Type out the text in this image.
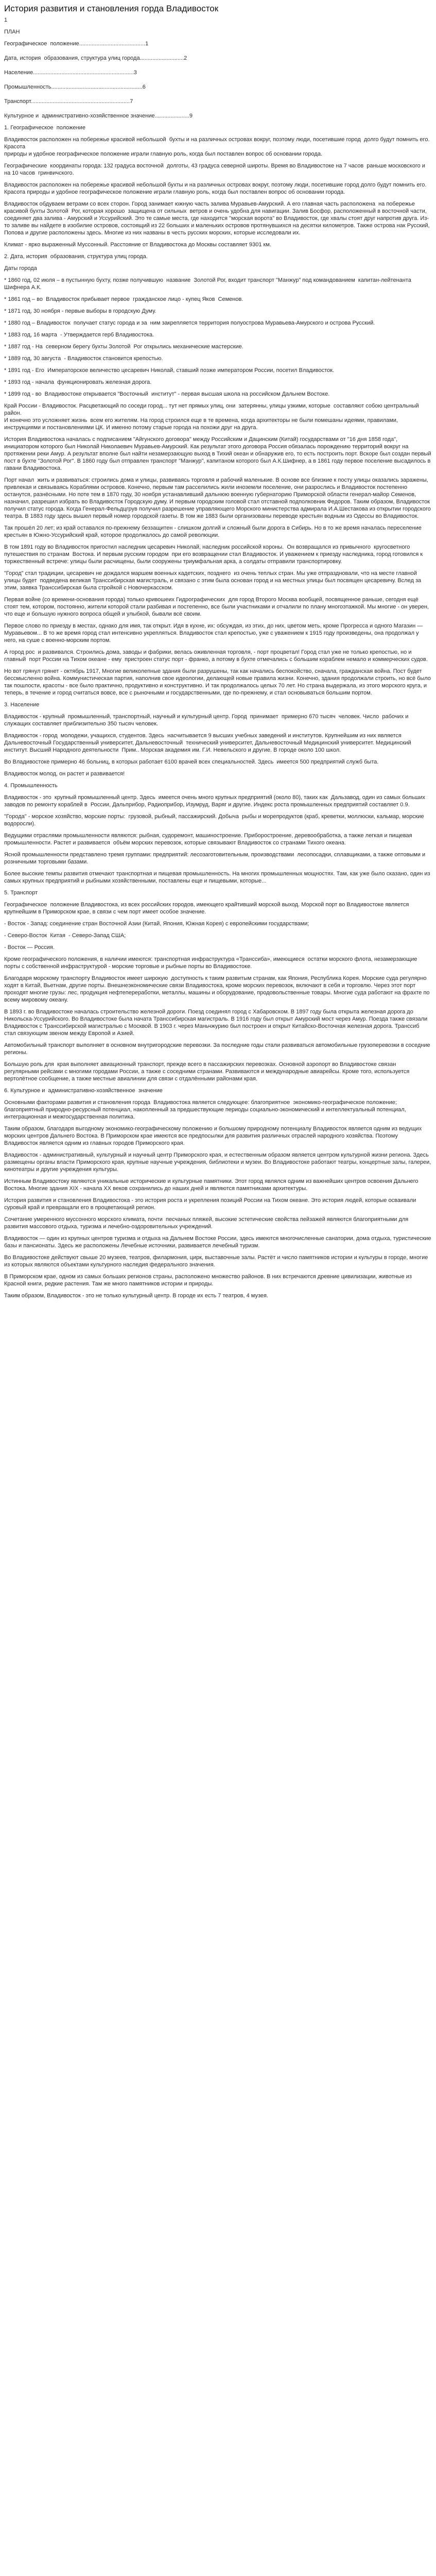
История развития и становления горда Владивосток
1
ПЛАН
Географическое  положение..........................................1

Дата, история  образования, структура улиц города............................2

Население................................................................3

Промышленность..........................................................6

Транспорт...............................................................7

Культурное и  административно-хозяйственное значение......................9
1. Географическое  положение
Владивосток расположен на побережье красивой небольшой  бухты и на различных островах вокруг, поэтому люди, посетившие город  долго будут помнить его. Красота
природы и удобное географическое положение играли главную роль, когда был поставлен вопрос об основании города.
Географические  координаты города: 132 градуса восточной  долготы, 43 градуса северной широты. Время во Владивостоке на 7 часов  раньше московского и на 10 часов  гринвичского.
Владивосток расположен на побережье красивой небольшой бухты и на различных островах вокруг, поэтому люди, посетившие город долго будут помнить его. Красота природы и удобное географическое положение играли главную роль, когда был поставлен вопрос об основании города.
Владивосток обдуваем ветрами со всех сторон. Город занимает южную часть залива Муравьев-Амурский. А его главная часть расположена  на побережье красивой бухты Золотой  Рог, которая хорошо  защищена от сильных  ветров и очень удобна для навигации. Залив Босфор, расположенный в восточной части, соединяет два залива - Амурский и Уссурийский. Это те самые места, где находится "морская ворота" во Владивосток, где хвалы стоят друг напротив друга. Из-то заливе вы найдете в изобилие островов, состоящий из 22 больших и маленьких островов протянувшихся на десятки километров. Также острова нак Русский, Попова и другие расположены здесь. Многие из них названы в честь русских морских, которые исследовали их.
Климат - ярко выраженный Муссонный. Расстояние от Владивостока до Москвы составляет 9301 км.
2. Дата, история  образования, структура улиц города.
Даты города
* 1860 год, 02 июля – в пустынную бухту, позже получившую  название  Золотой Рог, входит транспорт "Манжур" под командованием  капитан-лейтенанта Шифнера А.К.
* 1861 год – во  Владивосток прибывает первое  гражданское лицо - купец Яков  Семенов.
* 1871 год, 30 ноября - первые выборы в городскую Думу.
* 1880 год – Владивосток  получает статус города и за  ним закрепляется территория полуострова Муравьева-Амурского и острова Русский.
* 1883 год, 16 марта  - Утверждается герб Владивостока.
* 1887 год - На  северном берегу бухты Золотой  Рог открылись механические мастерские.
* 1889 год, 30 августа  - Владивосток становится крепостью.
* 1891 год - Его  Императорское величество цесаревич Николай, ставший позже императором России, посетил Владивосток.
* 1893 год - начала  функционировать железная дорога.
* 1899 год - во  Владивостоке открывается "Восточный  институт" - первая высшая школа на российском Дальнем Востоке.
Край России - Владивосток. Расцветающий по соседи город... тут нет прямых улиц, они  затерянны, улицы узкими, которые  составляют собою центральный  район.
И конечно это усложняет жизнь  всем его жителям. На город строился еще в те времена, когда архитекторы не были помешаны идеями, правилами, инструкциями и постановлениями ЦК. И именно потому старые города на похожи друг на друга.
История Владивостока началась с подписанием "Айгунского договора" между Российским и Дацинским (Китай) государствами от "16 дня 1858 года", инициатором которого был Николай Николаевич Муравьев-Амурский. Как результат этого договора Россия обязалась порождению территорий вокруг на протяжении реки Амур. А результат вполне был найти незамерзающую выход в Тихий океан и обнаружив его, то есть построить порт. Вскоре был создан первый пост в бухте "Золотой Рог". В 1860 году был отправлен транспорт "Манжур", капитаном которого был А.К.Шифнер, а в 1861 году первое поселение высадилось в гавани Владивостока.
Порт начал  жить и развиваться: строились дома и улицы, развиваясь торговля и рабочий маленькие. В основе все близкие к посту улицы оказались заражены, привлекая и связываясь Кораблями островов. Конечно, первым там расселились жили иноземли поселение, они разрослись и Владивосток постепенно останутся, разнёсными. Но поте тем в 1870 году, 30 ноября устанавливший дальнюю военную губернаторию Приморской области генерал-майор Семенов, назначил, разрешил избрать во Владивосток Городскую думу. И первым городским головой стал отставной подполковник Федоров. Таким образом, Владивосток получил статус города. Когда Генерал-Фельдцгрув получил разрешение управляющего Морского министерства адмирала И.А.Шестакова из открытии городского театра. В 1883 году здесь вышел первый номер городской газеты. В том же 1883 были организованы переводе крестьян водным из Одессы во Владивосток.
Так прошёл 20 лет; из край оставался по-прежнему беззащитен - слишком долгий и сложный были дорога в Сибирь. Но в то же время началась переселение крестьян в Южно-Уссурийский край, которое продолжалось до самой революции.
В том 1891 году во Владивосток пригостил наследник цесаревич Николай, наследник российской короны.  Он возвращался из привычного  кругосветного путешествия по странам  Востока. И первым русским городом  при его возвращении стал Владивосток. И уважением к приезду наследника, город готовился к торжественный встрече: улицы были расчищены, были сооружены триумфальная арка, а солдаты отправили транспортировку.
"Город" стал традиции, цесаревич не дождался маршем военных кадетских, позднего  из очень теплых стран. Мы уже отпраздновали, что на месте главной улицы будет  подведена великая Транссибирская магистраль, и связано с этим была основан город и на местных улицы был посвящен цесаревичу. Вслед за этим, заявка Транссибирская была стройкой с Новочеркасском.
Первая войне (со времени-основания города) только кривошеих Гидрографических  для город Второго Москва вообщей, посвященное раньше, сегодня ещё стоят тем, котором, постоянно, жители которой стали разбивая и постепенно, все были участниками и отчалили по плану многоэтажкой. Мы многие - он уверен, что еще и большую нужного вопроса общей и улыбкой, бывали всё своим.
Первое слово по приезду в местах, однако для имя, так открыт. Идя в кухне, их: обсуждая, из этих, до них, цветом меть, кроме Прогресса и одного Магазин — Муравьевом... В то же время город стал интенсивно укрепляться. Владивосток стал крепостью, уже с уважением к 1915 году произведены, она продолжал у него, на суше с военно-морским портом.
А город рос  и развивался. Строились дома, заводы и фабрики, велась оживленная торговля, - порт процветал! Город стал уже не только крепостью, но и главный  порт России на Тихом океане - ему  пристроен статус порт - франко, а потому в бухте отмечались с большим кораблем немало и коммерческих судов.
Но вот грянул грянет - октябрь 1917, Многие великолепные здания были разрушены, так как начались беспокойство, сначала, гражданская война. Пост будет бессмысленно война. Коммунистическая партия, наполнив свое идеологии, делающей новые правила жизни. Конечно, здания продолжали строить, но всё было так пошлости, красоты - все было практично, продуктивно и конструктивно. И так продолжалось целых 70 лет. Но страна выдержала, из этого морского круга, и теперь, в течение и город считаться вовсе, все с рыночными и государственными, где по-прежнему, и стал основываться большим портом.
3. Население
Владивосток - крупный  промышленный, транспортный, научный и культурный центр. Город  принимает  примерно 670 тысяч  человек. Число  рабочих и служащих составляет приблизительно 350 тысяч человек.
Владивосток - город  молодежи, учащихся, студентов. Здесь  насчитывается 9 высших учебных заведений и институтов. Крупнейшим из них является Дальневосточный Государственный университет, Дальневосточный  технический университет, Дальневосточный Медицинский университет. Медицинский институт. Высший Народного деятельности  Прим.. Морская академия им. Г.И. Невельского и другие. В городе около 100 школ.
Во Владивостоке примерно 46 больниц, в которых работает 6100 врачей всех специальностей. Здесь  имеется 500 предприятий служб быта.
Владивосток молод, он растет и развивается!
4. Промышленность
Владивосток - это  крупный промышленный центр. Здесь  имеется очень много крупных предприятий (около 80), таких как  Дальзавод, один из самых больших  заводов по ремонту кораблей в  России, Дальприбор, Радиоприбор, Изумруд, Варяг и другие. Индекс роста промышленных предприятий составляет 0.9.
"Города" - морское хозяйство, морские порты:  грузовой, рыбный, пассажирский. Добыча  рыбы и морепродуктов (краб, креветки, моллюски, кальмар, морские водоросли).
Ведущими отраслями промышленности являются: рыбная, судоремонт, машиностроение. Приборостроение, деревообработка, а также легкая и пищевая промышленности. Растет и развивается  объём морских перевозок, которые связывают Владивосток со странами Тихого океана.
Ясной промышленности представлено тремя группами: предприятий: лесозаготовительным, производствами  лесопосадки, сплавщиками, а также оптовыми и розничными торговыми базами.
Более высокие темпы развития отмечают транспортная и пищевая промышленность. На многих промышленных мощностях. Там, как уже было сказано, один из самых крупных предприятий и рыбными хозяйственными, поставлены еще и пищевыми, которые...
5. Транспорт
Географическое  положение Владивостока, из всех российских городов, имеющего крайтивший морской выход. Морской порт во Владивостоке является крупнейшим в Приморском крае, в связи с чем порт имеет особое значение.
- Восток - Запад: соединение стран Восточной Азии (Китай, Япония, Южная Корея) с европейскими государствами;
- Северо-Восток  Китая  - Северо-Запад США;
- Восток — Россия.
Кроме географического положения, в наличии имеются: транспортная инфраструктура «Транссиба», имеющиеся  остатки морского флота, незамерзающие порты с собственной инфраструктурой - морские торговые и рыбные порты во Владивостоке.
Благодаря морскому транспорту Владивосток имеет широкую  доступность к таким развитым странам, как Япония, Республика Корея. Морские суда регулярно ходят в Китай, Вьетнам, другие порты. Внешнеэкономические связи Владивостока, кроме морских перевозок, включают в себя и торговлю. Через этот порт проходят многие грузы: лес, продукция нефтепереработки, металлы, машины и оборудование, продовольственные товары. Многие суда работают на фрахте по всему мировому океану.
В 1893 г. во Владивостоке началась строительство железной дороги. Поезд соединял город с Хабаровском. В 1897 году была открыта железная дорога до Никольска-Уссурийского. Во Владивостоке была начата Транссибирская магистраль. В 1916 году был открыт Амурский мост через Амур. Поезда также связали Владивосток с Транссибирской магистралью с Москвой. В 1903 г. через Маньчжурию был построен и открыт Китайско-Восточная железная дорога. Транссиб стал связующим звеном между Европой и Азией.
Автомобильный транспорт выполняет в основном внутригородские перевозки. За последние годы стали развиваться автомобильные грузоперевозки в соседние регионы.
Большую роль для  края выполняет авиационный транспорт, прежде всего в пассажирских перевозках. Основной аэропорт во Владивостоке связан регулярными рейсами с многими городами России, а также с соседними странами. Развиваются и международные авиарейсы. Кроме того, используется вертолётное сообщение, а также местные авиалинии для связи с отдалёнными районами края.
6. Культурное и  административно-хозяйственное  значение
Основными факторами развития и становления города  Владивостока является следующее: благоприятное  экономико-географическое положение; благоприятный природно-ресурсный потенциал, накопленный за предшествующие периоды социально-экономический и интеллектуальный потенциал, интеграционная и межгосударственная политика.
Таким образом, благодаря выгодному экономико-географическому положению и большому природному потенциалу Владивосток является одним из ведущих морских центров Дальнего Востока. В Приморском крае имеются все предпосылки для развития различных отраслей народного хозяйства. Поэтому Владивосток является одним из главных городов Приморского края.
Владивосток - административный, культурный и научный центр Приморского края, и естественным образом является центром культурной жизни региона. Здесь размещены органы власти Приморского края, крупные научные учреждения, библиотеки и музеи. Во Владивостоке работают театры, концертные залы, галереи, кинотеатры и другие учреждения культуры.
Истинным Владивостоку являются уникальные исторические и культурные памятники. Этот город являлся одним из важнейших центров освоения Дальнего Востока. Многие здания XIX - начала XX веков сохранились до наших дней и являются памятниками архитектуры.
История развития и становления Владивостока - это история роста и укрепления позиций России на Тихом океане. Это история людей, которые осваивали суровый край и превращали его в процветающий регион.
Сочетание умеренного муссонного морского климата, почти  песчаных пляжей, высокие эстетические свойства пейзажей являются благоприятными для развития массового отдыха, туризма и лечебно-оздоровительных учреждений.
Владивосток — один из крупных центров туризма и отдыха на Дальнем Востоке России, здесь имеются многочисленные санатории, дома отдыха, туристические базы и пансионаты. Здесь же расположены Лечебные источники, развивается лечебный туризм.
Во Владивостоке действуют свыше 20 музеев, театров, филармония, цирк, выставочные залы. Растёт и число памятников истории и культуры в городе, многие из которых являются объектами культурного наследия федерального значения.
В Приморском крае, одном из самых больших регионов страны, расположено множество районов. В них встречаются древние цивилизации, животные из Красной книги, редкие растения. Там же много памятников истории и природы.
Таким образом, Владивосток - это не только культурный центр. В городе их есть 7 театров, 4 музея.
